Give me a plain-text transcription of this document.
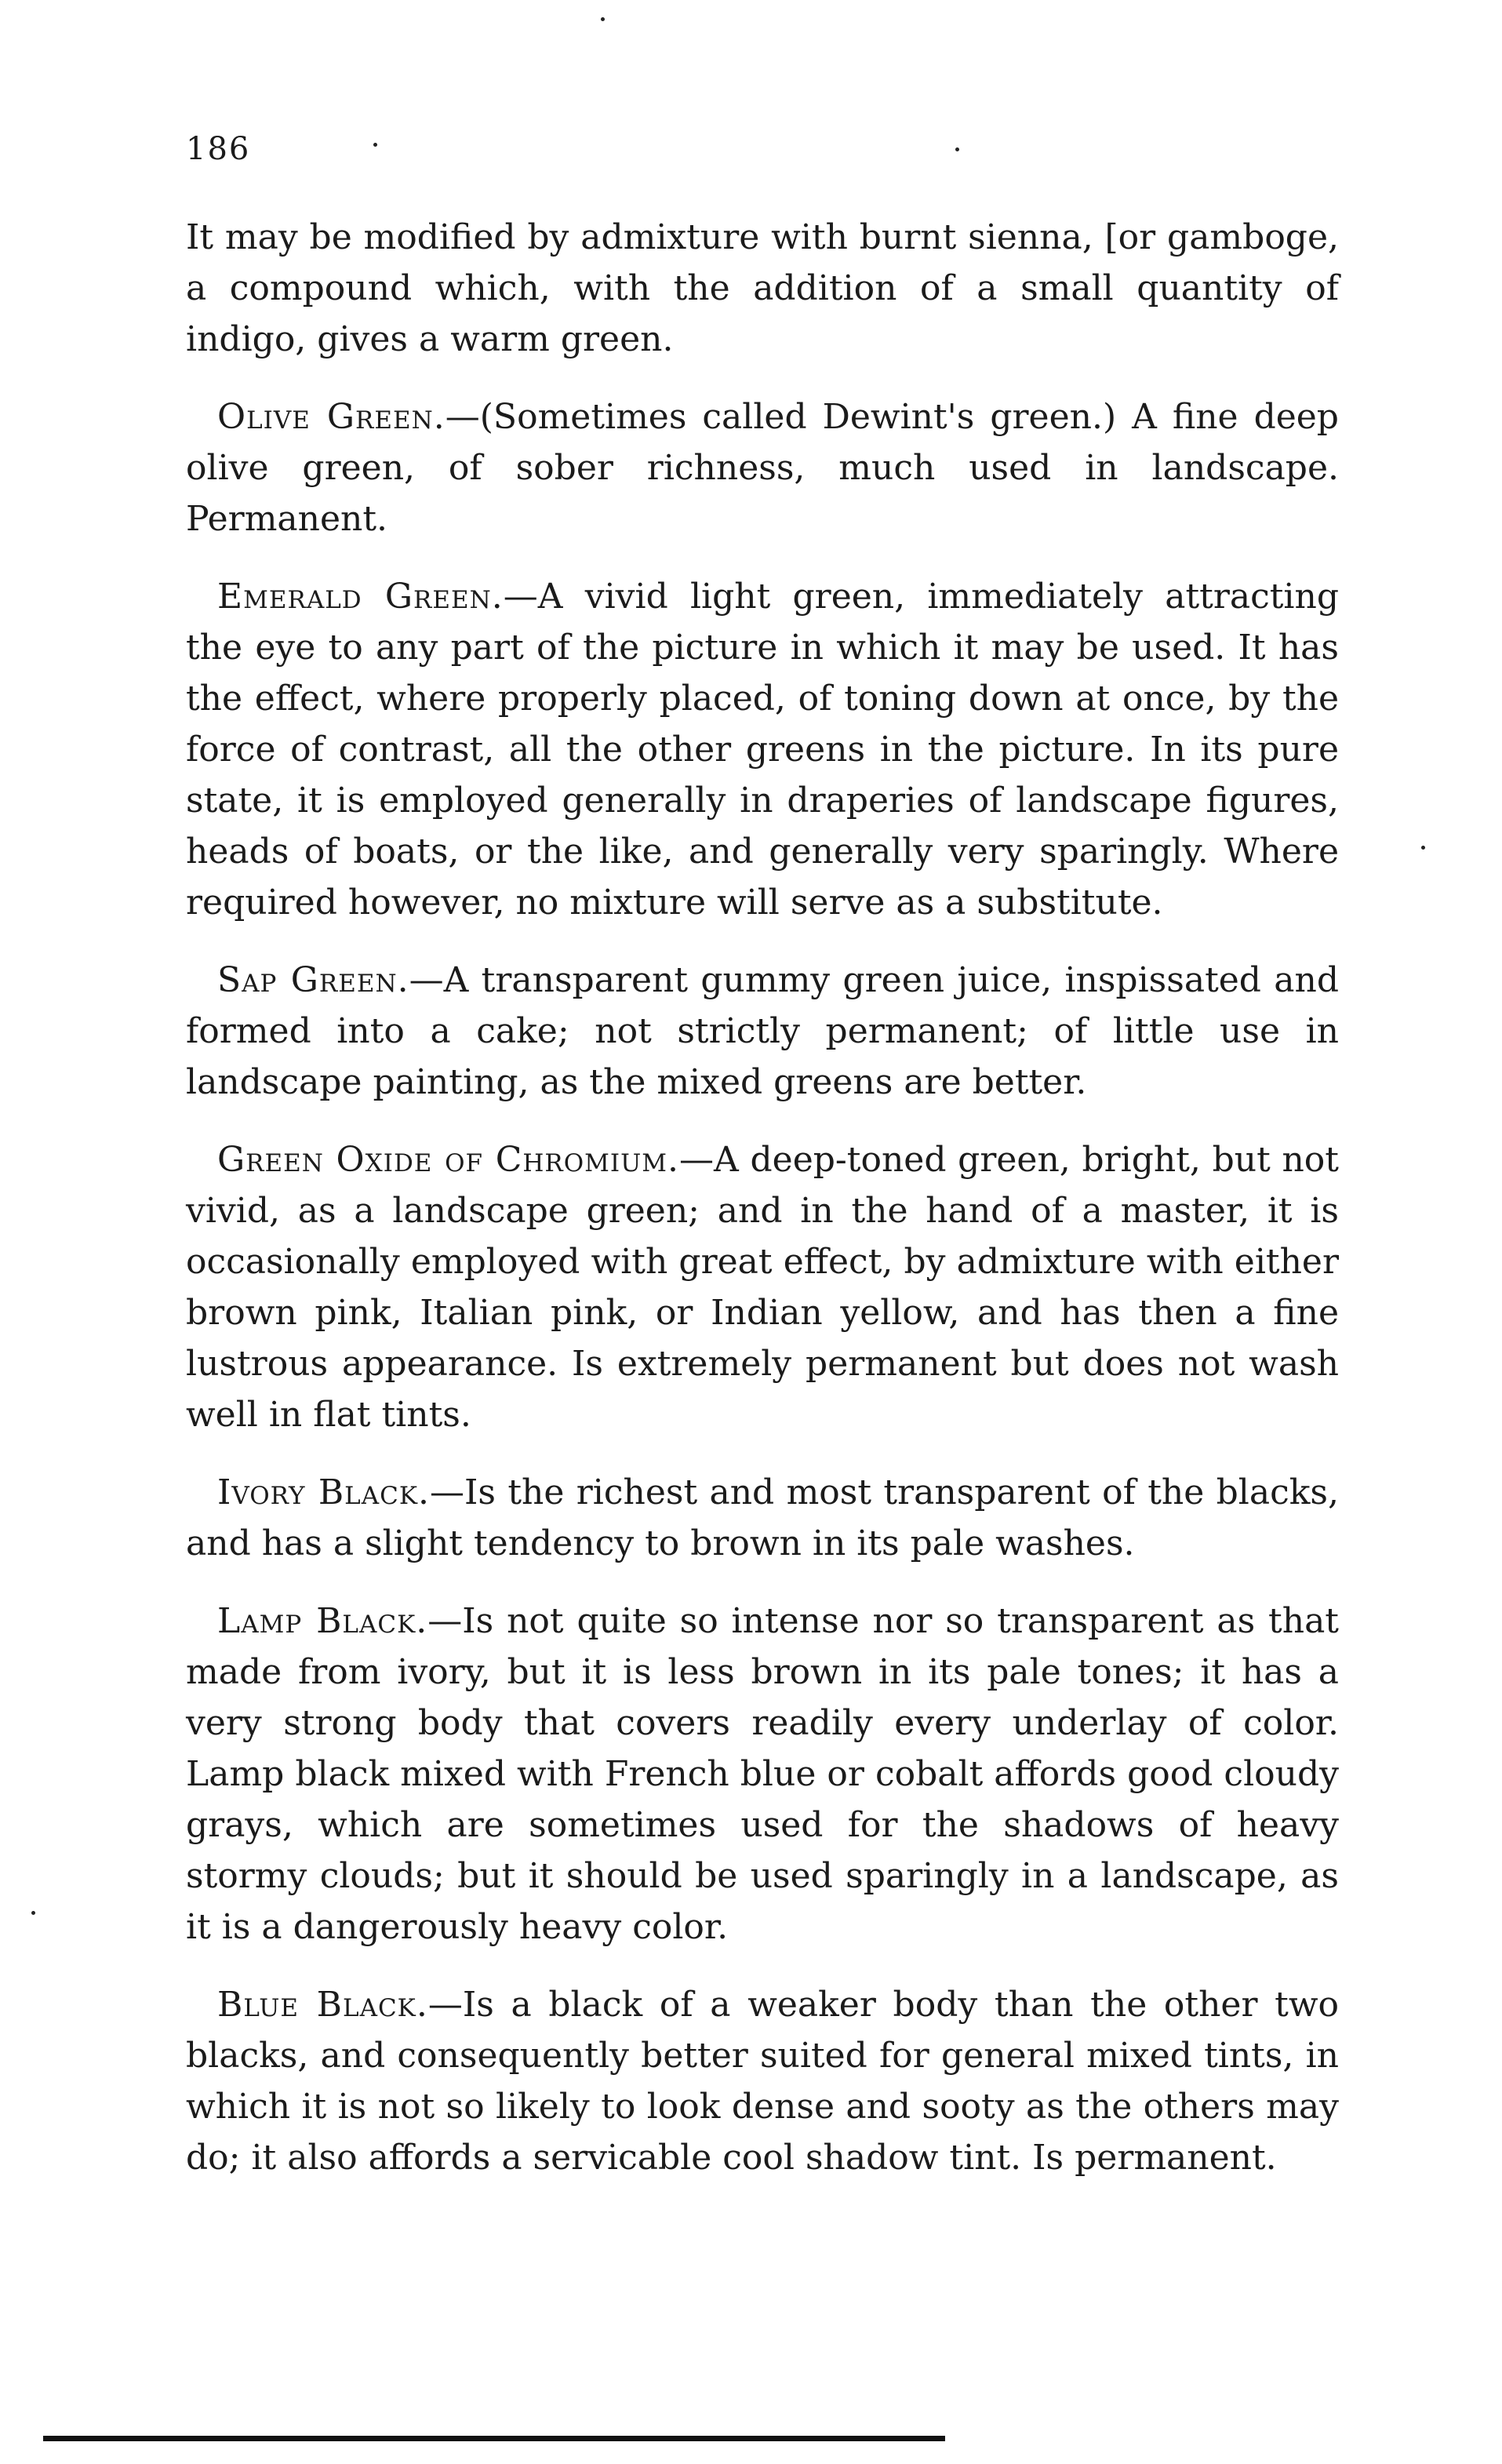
186

It may be modified by admixture with burnt sienna, [or gamboge, a compound which, with the addition of a small quantity of indigo, gives a warm green.

Olive Green.—(Sometimes called Dewint's green.) A fine deep olive green, of sober richness, much used in landscape. Permanent.

Emerald Green.—A vivid light green, immediately attracting the eye to any part of the picture in which it may be used. It has the effect, where properly placed, of toning down at once, by the force of contrast, all the other greens in the picture. In its pure state, it is employed generally in draperies of landscape figures, heads of boats, or the like, and generally very sparingly. Where required however, no mixture will serve as a substitute.

Sap Green.—A transparent gummy green juice, inspissated and formed into a cake; not strictly permanent; of little use in landscape painting, as the mixed greens are better.

Green Oxide of Chromium.—A deep-toned green, bright, but not vivid, as a landscape green; and in the hand of a master, it is occasionally employed with great effect, by admixture with either brown pink, Italian pink, or Indian yellow, and has then a fine lustrous appearance. Is extremely permanent but does not wash well in flat tints.

Ivory Black.—Is the richest and most transparent of the blacks, and has a slight tendency to brown in its pale washes.

Lamp Black.—Is not quite so intense nor so transparent as that made from ivory, but it is less brown in its pale tones; it has a very strong body that covers readily every underlay of color. Lamp black mixed with French blue or cobalt affords good cloudy grays, which are sometimes used for the shadows of heavy stormy clouds; but it should be used sparingly in a landscape, as it is a dangerously heavy color.

Blue Black.—Is a black of a weaker body than the other two blacks, and consequently better suited for general mixed tints, in which it is not so likely to look dense and sooty as the others may do; it also affords a servicable cool shadow tint. Is permanent.
